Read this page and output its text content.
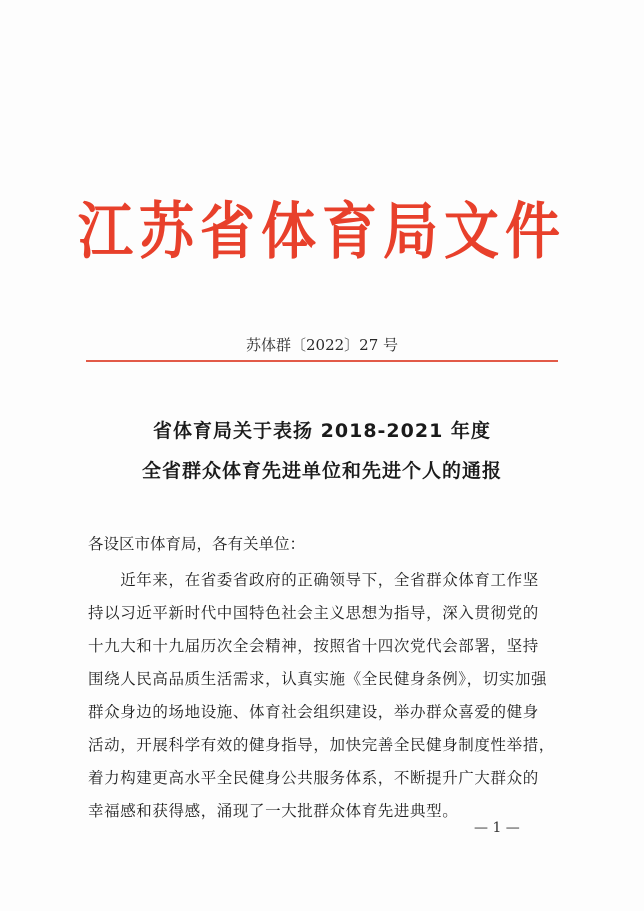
江苏省体育局文件
苏体群〔2022〕27 号
省体育局关于表扬 2018-2021 年度
全省群众体育先进单位和先进个人的通报
各设区市体育局，各有关单位：
　　近年来，在省委省政府的正确领导下，全省群众体育工作坚
持以习近平新时代中国特色社会主义思想为指导，深入贯彻党的
十九大和十九届历次全会精神，按照省十四次党代会部署，坚持
围绕人民高品质生活需求，认真实施《全民健身条例》，切实加强
群众身边的场地设施、体育社会组织建设，举办群众喜爱的健身
活动，开展科学有效的健身指导，加快完善全民健身制度性举措，
着力构建更高水平全民健身公共服务体系，不断提升广大群众的
幸福感和获得感，涌现了一大批群众体育先进典型。
— 1 —
